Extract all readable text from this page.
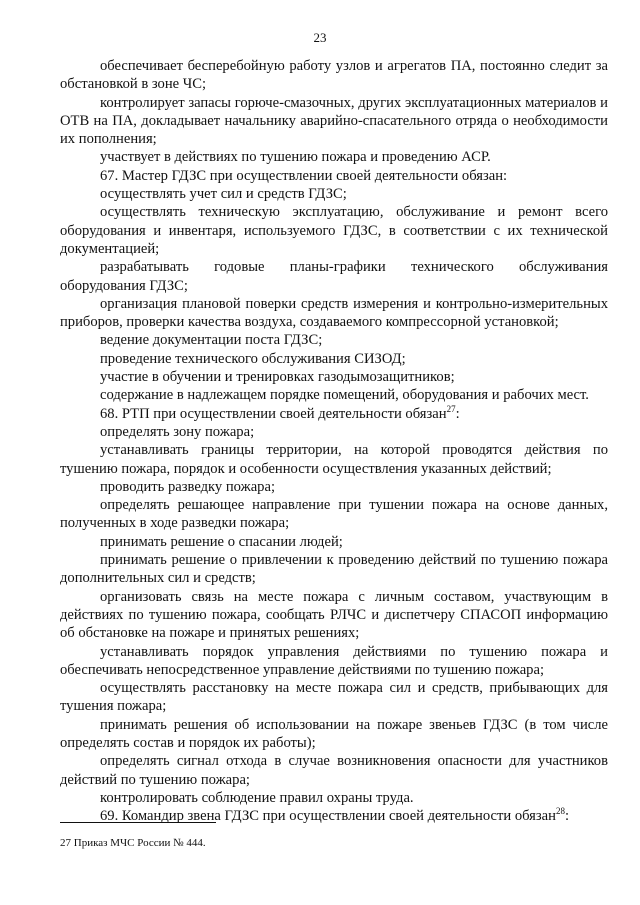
23

обеспечивает бесперебойную работу узлов и агрегатов ПА, постоянно следит за обстановкой в зоне ЧС;

контролирует запасы горюче-смазочных, других эксплуатационных материалов и ОТВ на ПА, докладывает начальнику аварийно-спасательного отряда о необходимости их пополнения;

участвует в действиях по тушению пожара и проведению АСР.

67. Мастер ГДЗС при осуществлении своей деятельности обязан:

осуществлять учет сил и средств ГДЗС;

осуществлять техническую эксплуатацию, обслуживание и ремонт всего оборудования и инвентаря, используемого ГДЗС, в соответствии с их технической документацией;

разрабатывать годовые планы-графики технического обслуживания оборудования ГДЗС;

организация плановой поверки средств измерения и контрольно-измерительных приборов, проверки качества воздуха, создаваемого компрессорной установкой;

ведение документации поста ГДЗС;

проведение технического обслуживания СИЗОД;

участие в обучении и тренировках газодымозащитников;

содержание в надлежащем порядке помещений, оборудования и рабочих мест.

68. РТП при осуществлении своей деятельности обязан$^{27}$:

определять зону пожара;

устанавливать границы территории, на которой проводятся действия по тушению пожара, порядок и особенности осуществления указанных действий;

проводить разведку пожара;

определять решающее направление при тушении пожара на основе данных, полученных в ходе разведки пожара;

принимать решение о спасании людей;

принимать решение о привлечении к проведению действий по тушению пожара дополнительных сил и средств;

организовать связь на месте пожара с личным составом, участвующим в действиях по тушению пожара, сообщать РЛЧС и диспетчеру СПАСОП информацию об обстановке на пожаре и принятых решениях;

устанавливать порядок управления действиями по тушению пожара и обеспечивать непосредственное управление действиями по тушению пожара;

осуществлять расстановку на месте пожара сил и средств, прибывающих для тушения пожара;

принимать решения об использовании на пожаре звеньев ГДЗС (в том числе определять состав и порядок их работы);

определять сигнал отхода в случае возникновения опасности для участников действий по тушению пожара;

контролировать соблюдение правил охраны труда.

69. Командир звена ГДЗС при осуществлении своей деятельности обязан$^{28}$:

27 Приказ МЧС России № 444.
